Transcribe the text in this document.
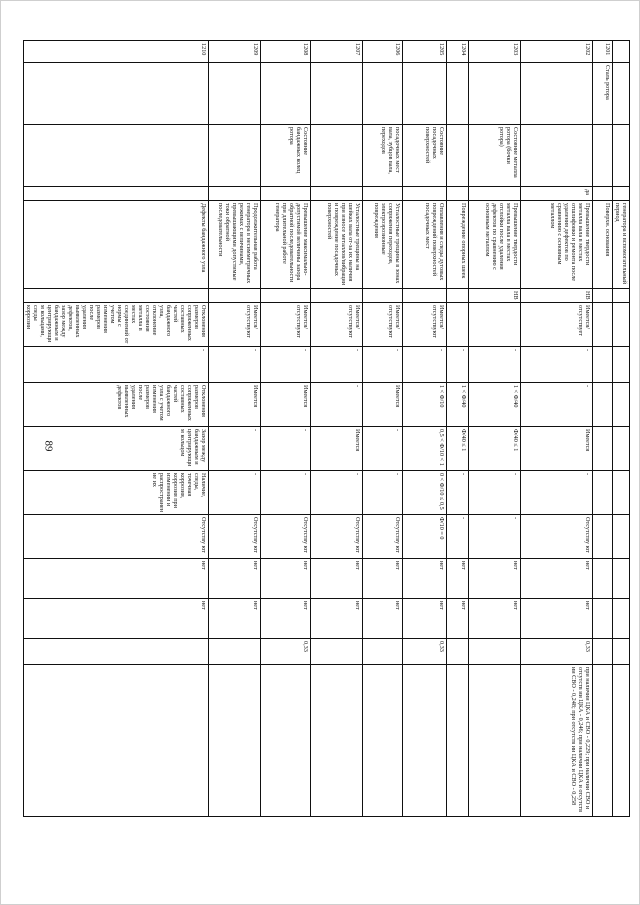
89
				генератора и вспомогательный период											
1201	Сталь ротора			Поверхн. основания											
1202			да	Превышение твердости металла вала в местах отшлифовки и ремонта после удаления дефектов по сравнению с основным металлом	НВ	Имеется/ отсутствует	-	-	Имеется	-	Отсутству ют	нет	нет	0,33	при наличии ЦКА и СВО - 0,229; при наличии СВО и отсутств ии ЦКА - 0,246; при наличии ЦКА и отсутств ии СВО - 0,248; при отсутств ии ЦКА и СВО - 0,258
1203		Состояние металла ротора (бочки ротора)		Превышение твердости металла вала в местах отслойки после удаления дефектов по сравнению с основным металлом	НВ		-	1 < Ф/40	Ф/40 ≤ 1	-	-	нет	нет		
1204				Повреждение опорных шеек			-	1 < Ф/40	Ф/40 ≤ 1	-	-	нет	нет		
1205		Состояние посадочных поверхностей		Оплавления и следы дуговых повреждений поверхностей посадочных мест		Имеется/ отсутствуют	-	1 < Ф/10	0,5 < Ф/10 < 1	0 < Ф/10 ≤ 0,5	Ф/10 = 0	нет	нет	0,33	
1206		посадочных мест вала, зубцов вала, переходов		Усталостные трещины в зонах сопряжения переходов, электроэрозионные повреждения		Имеется/ отсутствуют	-	Имеется	-	-	Отсутству ют	нет	нет		
1207				Усталостные трещины на шейках вала от-за их наличия при износе металлов/вибрации и повреждение посадочных поверхностей		Имеется/ отсутствуют	-	-	Имеется	-	Отсутству ют	нет	нет		
1208		Состояние бандажных колец ротора		Превышение максимально-допустимой величины зазора обратной последовательности при длительной работе генератора		Имеется/ отсутствуют	-	Имеется	-	-	Отсутству ют	нет	нет	0,33	
1209				Продолжительная работа генератора в несимметричных режимах с величинами, превышающими допустимые токи обратной последовательности		Имеется/ отсутствуют	-	Имеется	-	-	Отсутству ют	нет	нет		
1210				Дефекты бандажного узла		Отклонения размеров сопряженных составных частей бандажного узла, отклонение состояния металла в местах соединений от нормы с учетом изменения размеров после удаления выявленных дефектов, зазор между бандажным и центрирующим кольцами, следы коррозии	-	Отклонения размеров сопряженных составных частей бандажного узла с учетом изменения размеров после удаления выявленных дефектов	Зазор между бандажным и центрирующим кольцом	Наличие, следы, точечная коррозия, коррозия при изменении и распространение их	Отсутству ют	нет	нет		
